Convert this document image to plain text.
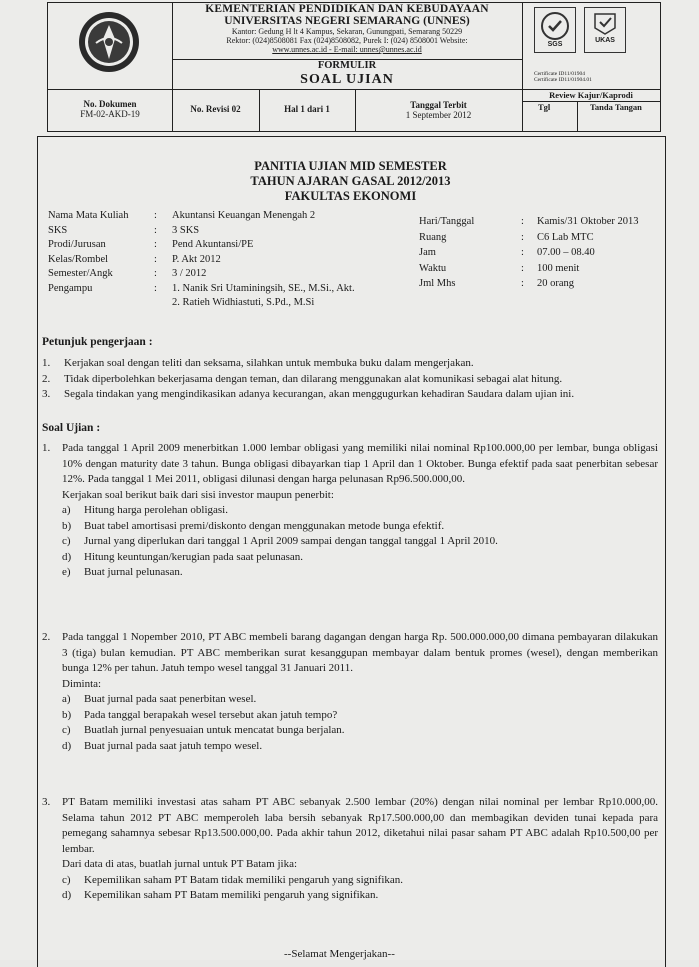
KEMENTERIAN PENDIDIKAN DAN KEBUDAYAAN
UNIVERSITAS NEGERI SEMARANG (UNNES)
Kantor: Gedung H lt 4 Kampus, Sekaran, Gunungpati, Semarang 50229
Rektor: (024)8508081 Fax (024)8508082, Purek I: (024) 8508001 Website:
www.unnes.ac.id - E-mail: unnes@unnes.ac.id
FORMULIR
SOAL UJIAN
SGS
UKAS
Certificate ID11/01904
Certificate ID11/01904.01
No. Dokumen
FM-02-AKD-19	No. Revisi 02	Hal 1 dari 1	Tanggal Terbit
1 September 2012
Review Kajur/Kaprodi
Tgl	Tanda Tangan
PANITIA UJIAN MID SEMESTER
TAHUN AJARAN GASAL 2012/2013
FAKULTAS EKONOMI
Nama Mata Kuliah : Akuntansi Keuangan Menengah 2
SKS	: 3 SKS
Prodi/Jurusan	: Pend Akuntansi/PE
Kelas/Rombel	: P. Akt 2012
Semester/Angk	: 3 / 2012
Pengampu	: 1. Nanik Sri Utaminingsih, SE., M.Si., Akt.
2. Ratieh Widhiastuti, S.Pd., M.Si
Hari/Tanggal	: Kamis/31 Oktober 2013
Ruang	: C6 Lab MTC
Jam	: 07.00 – 08.40
Waktu	: 100 menit
Jml Mhs	: 20 orang
Petunjuk pengerjaan :
1. Kerjakan soal dengan teliti dan seksama, silahkan untuk membuka buku dalam mengerjakan.
2. Tidak diperbolehkan bekerjasama dengan teman, dan dilarang menggunakan alat komunikasi sebagai alat hitung.
3. Segala tindakan yang mengindikasikan adanya kecurangan, akan menggugurkan kehadiran Saudara dalam ujian ini.
Soal Ujian :
1. Pada tanggal 1 April 2009 menerbitkan 1.000 lembar obligasi yang memiliki nilai nominal Rp100.000,00 per lembar, bunga obligasi 10% dengan maturity date 3 tahun. Bunga obligasi dibayarkan tiap 1 April dan 1 Oktober. Bunga efektif pada saat penerbitan sebesar 12%. Pada tanggal 1 Mei 2011, obligasi dilunasi dengan harga pelunasan Rp96.500.000,00.
Kerjakan soal berikut baik dari sisi investor maupun penerbit:
a) Hitung harga perolehan obligasi.
b) Buat tabel amortisasi premi/diskonto dengan menggunakan metode bunga efektif.
c) Jurnal yang diperlukan dari tanggal 1 April 2009 sampai dengan tanggal tanggal 1 April 2010.
d) Hitung keuntungan/kerugian pada saat pelunasan.
e) Buat jurnal pelunasan.
2. Pada tanggal 1 Nopember 2010, PT ABC membeli barang dagangan dengan harga Rp. 500.000.000,00 dimana pembayaran dilakukan 3 (tiga) bulan kemudian. PT ABC memberikan surat kesanggupan membayar dalam bentuk promes (wesel), dengan memberikan bunga 12% per tahun. Jatuh tempo wesel tanggal 31 Januari 2011.
Diminta:
a) Buat jurnal pada saat penerbitan wesel.
b) Pada tanggal berapakah wesel tersebut akan jatuh tempo?
c) Buatlah jurnal penyesuaian untuk mencatat bunga berjalan.
d) Buat jurnal pada saat jatuh tempo wesel.
3. PT Batam memiliki investasi atas saham PT ABC sebanyak 2.500 lembar (20%) dengan nilai nominal per lembar Rp10.000,00. Selama tahun 2012 PT ABC memperoleh laba bersih sebanyak Rp17.500.000,00 dan membagikan deviden tunai kepada para pemegang sahamnya sebesar Rp13.500.000,00. Pada akhir tahun 2012, diketahui nilai pasar saham PT ABC adalah Rp10.500,00 per lembar.
Dari data di atas, buatlah jurnal untuk PT Batam jika:
c) Kepemilikan saham PT Batam tidak memiliki pengaruh yang signifikan.
d) Kepemilikan saham PT Batam memiliki pengaruh yang signifikan.
--Selamat Mengerjakan--
